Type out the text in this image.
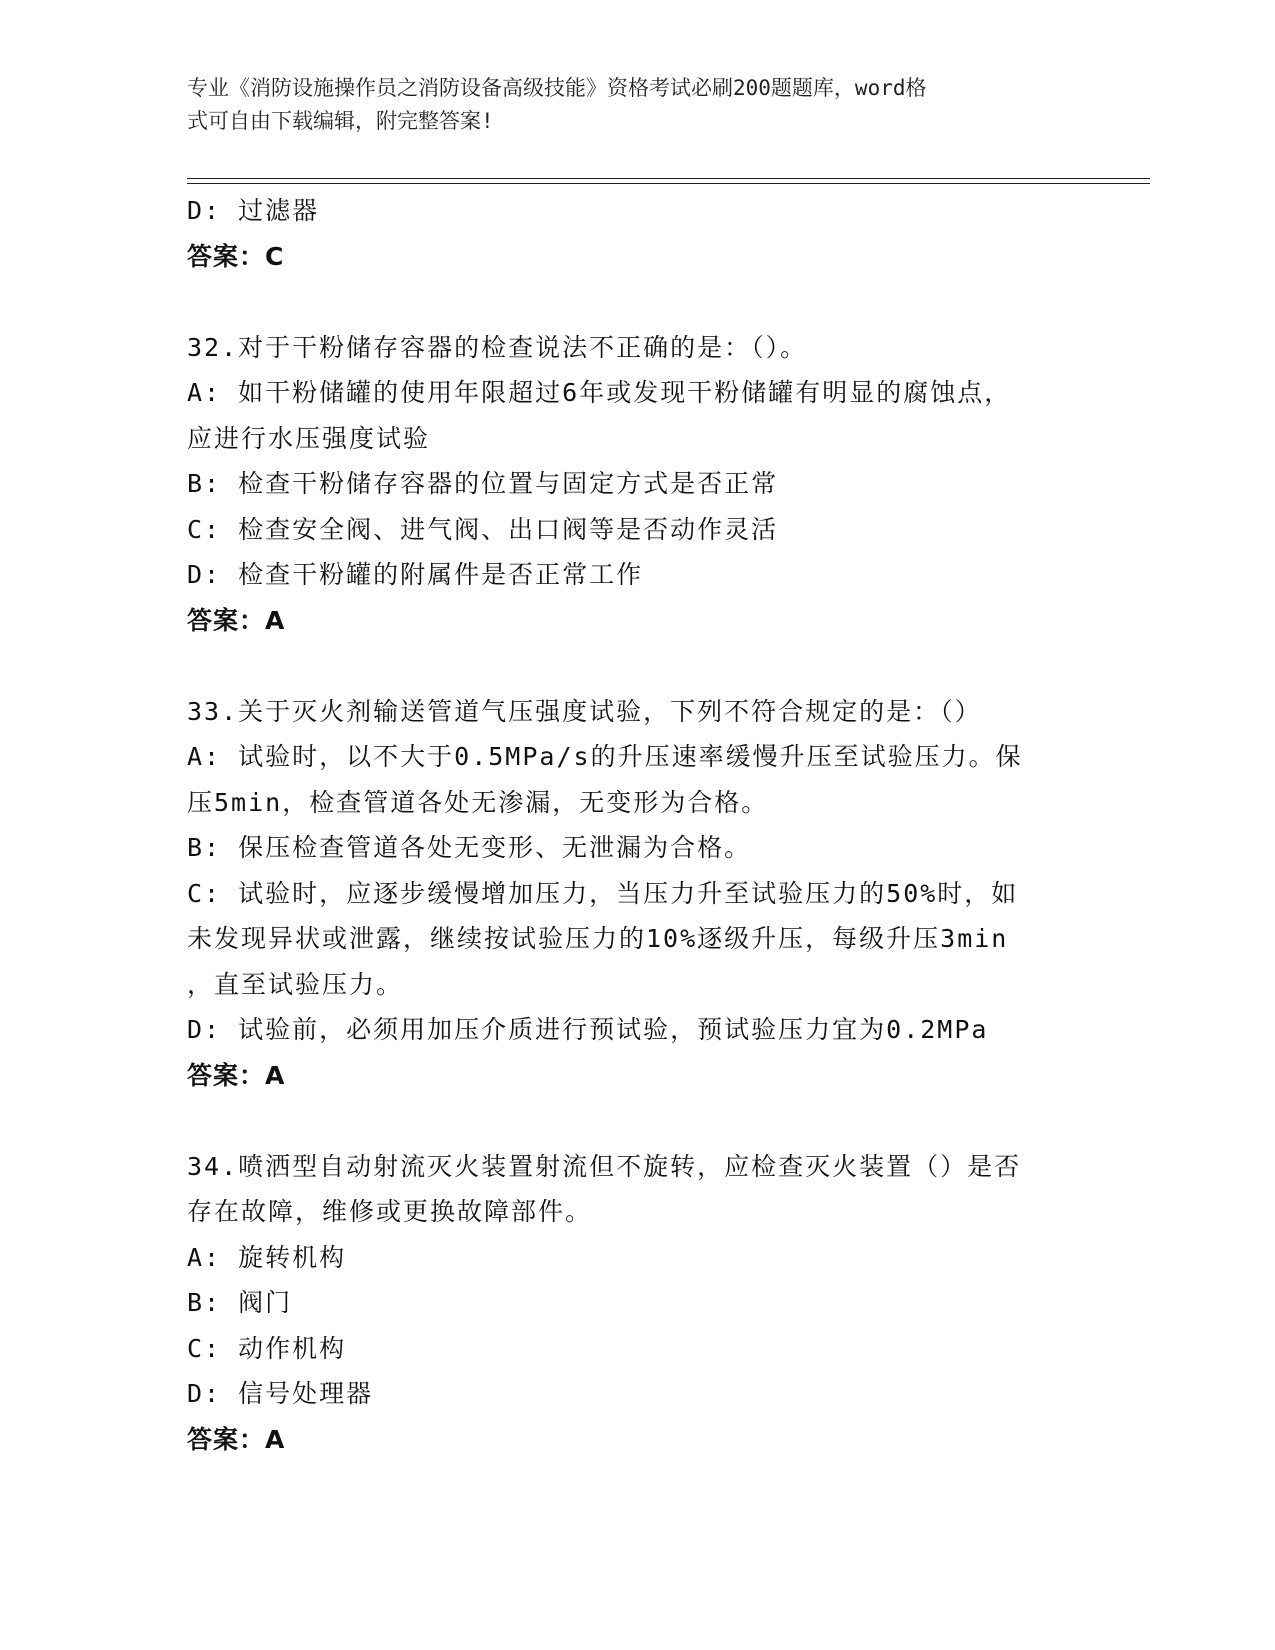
专业《消防设施操作员之消防设备高级技能》资格考试必刷200题题库，word格
式可自由下载编辑，附完整答案!
D: 过滤器
答案：C
32.对于干粉储存容器的检查说法不正确的是：（）。
A: 如干粉储罐的使用年限超过6年或发现干粉储罐有明显的腐蚀点，
应进行水压强度试验
B: 检查干粉储存容器的位置与固定方式是否正常
C: 检查安全阀、进气阀、出口阀等是否动作灵活
D: 检查干粉罐的附属件是否正常工作
答案：A
33.关于灭火剂输送管道气压强度试验，下列不符合规定的是：（）
A: 试验时，以不大于0.5MPa/s的升压速率缓慢升压至试验压力。保
压5min，检查管道各处无渗漏，无变形为合格。
B: 保压检查管道各处无变形、无泄漏为合格。
C: 试验时，应逐步缓慢增加压力，当压力升至试验压力的50%时，如
未发现异状或泄露，继续按试验压力的10%逐级升压，每级升压3min
，直至试验压力。
D: 试验前，必须用加压介质进行预试验，预试验压力宜为0.2MPa
答案：A
34.喷洒型自动射流灭火装置射流但不旋转，应检查灭火装置（）是否
存在故障，维修或更换故障部件。
A: 旋转机构
B: 阀门
C: 动作机构
D: 信号处理器
答案：A
